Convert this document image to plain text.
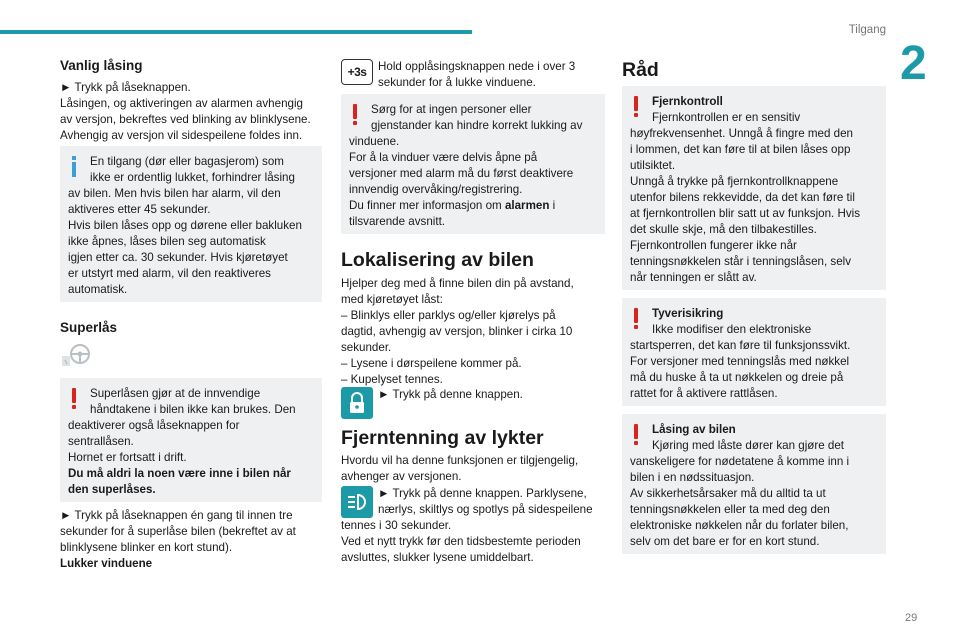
Tilgang
2
29
Vanlig låsing
► Trykk på låseknappen.
Låsingen, og aktiveringen av alarmen avhengig
av versjon, bekreftes ved blinking av blinklysene.
Avhengig av versjon vil sidespeilene foldes inn.
En tilgang (dør eller bagasjerom) som
ikke er ordentlig lukket, forhindrer låsing
av bilen. Men hvis bilen har alarm, vil den
aktiveres etter 45 sekunder.
Hvis bilen låses opp og dørene eller bakluken
ikke åpnes, låses bilen seg automatisk
igjen etter ca. 30 sekunder. Hvis kjøretøyet
er utstyrt med alarm, vil den reaktiveres
automatisk.
Superlås
Superlåsen gjør at de innvendige
håndtakene i bilen ikke kan brukes. Den
deaktiverer også låseknappen for
sentrallåsen.
Hornet er fortsatt i drift.
Du må aldri la noen være inne i bilen når
den superlåses.
► Trykk på låseknappen én gang til innen tre
sekunder for å superlåse bilen (bekreftet av at
blinklysene blinker en kort stund).
Lukker vinduene
+3s Hold opplåsingsknappen nede i over 3
sekunder for å lukke vinduene.
Sørg for at ingen personer eller
gjenstander kan hindre korrekt lukking av
vinduene.
For å la vinduer være delvis åpne på
versjoner med alarm må du først deaktivere
innvendig overvåking/registrering.
Du finner mer informasjon om alarmen i
tilsvarende avsnitt.
Lokalisering av bilen
Hjelper deg med å finne bilen din på avstand,
med kjøretøyet låst:
– Blinklys eller parklys og/eller kjørelys på
dagtid, avhengig av versjon, blinker i cirka 10
sekunder.
– Lysene i dørspeilene kommer på.
– Kupelyset tennes.
► Trykk på denne knappen.
Fjerntenning av lykter
Hvordu vil ha denne funksjonen er tilgjengelig,
avhenger av versjonen.
► Trykk på denne knappen. Parklysene,
nærlys, skiltlys og spotlys på sidespeilene
tennes i 30 sekunder.
Ved et nytt trykk før den tidsbestemte perioden
avsluttes, slukker lysene umiddelbart.
Råd
Fjernkontroll
Fjernkontrollen er en sensitiv
høyfrekvensenhet. Unngå å fingre med den
i lommen, det kan føre til at bilen låses opp
utilsiktet.
Unngå å trykke på fjernkontrollknappene
utenfor bilens rekkevidde, da det kan føre til
at fjernkontrollen blir satt ut av funksjon. Hvis
det skulle skje, må den tilbakestilles.
Fjernkontrollen fungerer ikke når
tenningsnøkkelen står i tenningslåsen, selv
når tenningen er slått av.
Tyverisikring
Ikke modifiser den elektroniske
startsperren, det kan føre til funksjonssvikt.
For versjoner med tenningslås med nøkkel
må du huske å ta ut nøkkelen og dreie på
rattet for å aktivere rattlåsen.
Låsing av bilen
Kjøring med låste dører kan gjøre det
vanskeligere for nødetatene å komme inn i
bilen i en nødssituasjon.
Av sikkerhetsårsaker må du alltid ta ut
tenningsnøkkelen eller ta med deg den
elektroniske nøkkelen når du forlater bilen,
selv om det bare er for en kort stund.
